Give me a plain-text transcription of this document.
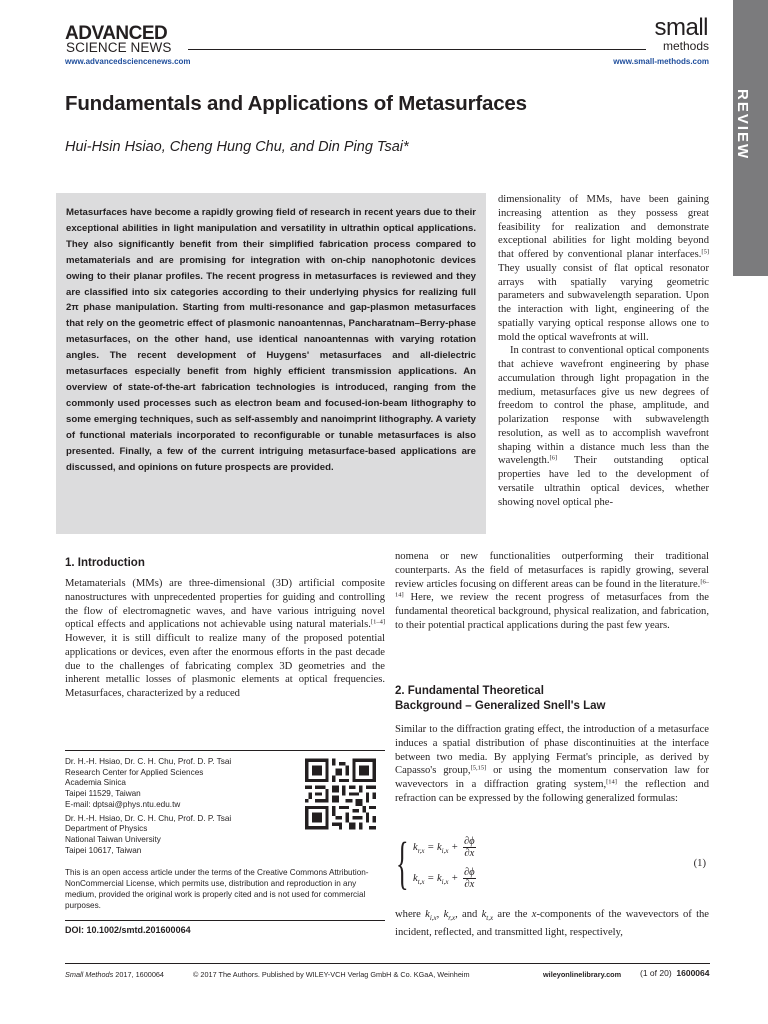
ADVANCED
SCIENCE NEWS
small
methods
www.advancedsciencenews.com	www.small-methods.com
REVIEW
Fundamentals and Applications of Metasurfaces
Hui-Hsin Hsiao, Cheng Hung Chu, and Din Ping Tsai*
Metasurfaces have become a rapidly growing field of research in recent years due to their exceptional abilities in light manipulation and versatility in ultrathin optical applications. They also significantly benefit from their simplified fabrication process compared to metamaterials and are promising for integration with on-chip nanophotonic devices owing to their planar profiles. The recent progress in metasurfaces is reviewed and they are classified into six categories according to their underlying physics for realizing full 2π phase manipulation. Starting from multi-resonance and gap-plasmon metasurfaces that rely on the geometric effect of plasmonic nanoantennas, Pancharatnam–Berry-phase metasurfaces, on the other hand, use identical nanoantennas with varying rotation angles. The recent development of Huygens' metasurfaces and all-dielectric metasurfaces especially benefit from highly efficient transmission applications. An overview of state-of-the-art fabrication technologies is introduced, ranging from the commonly used processes such as electron beam and focused-ion-beam lithography to some emerging techniques, such as self-assembly and nanoimprint lithography. A variety of functional materials incorporated to reconfigurable or tunable metasurfaces is also presented. Finally, a few of the current intriguing metasurface-based applications are discussed, and opinions on future prospects are provided.

dimensionality of MMs, have been gaining increasing attention as they possess great feasibility for realization and demonstrate exceptional abilities for light molding beyond that offered by conventional planar interfaces.[5] They usually consist of flat optical resonator arrays with spatially varying geometric parameters and subwavelength separation. Upon the interaction with light, engineering of the spatially varying optical response allows one to mold the optical wavefronts at will.

In contrast to conventional optical components that achieve wavefront engineering by phase accumulation through light propagation in the medium, metasurfaces give us new degrees of freedom to control the phase, amplitude, and polarization response with subwavelength resolution, as well as to accomplish wavefront shaping within a distance much less than the wavelength.[6] Their outstanding optical properties have led to the development of versatile ultrathin optical devices, whether showing novel optical phe-

nomena or new functionalities outperforming their traditional counterparts. As the field of metasurfaces is rapidly growing, several review articles focusing on different areas can be found in the literature.[6–14] Here, we review the recent progress of metasurfaces from the fundamental theoretical background, physical realization, and fabrication, to their potential practical applications during the past few years.

1. Introduction
Metamaterials (MMs) are three-dimensional (3D) artificial composite nanostructures with unprecedented properties for guiding and controlling the flow of electromagnetic waves, and have various intriguing novel optical effects and applications not achievable using natural materials.[1–4] However, it is still difficult to realize many of the proposed potential applications or devices, even after the enormous efforts in the past decade due to the challenges of fabricating complex 3D geometries and the inherent metallic losses of plasmonic elements at optical frequencies. Metasurfaces, characterized by a reduced	2. Fundamental Theoretical
Background – Generalized Snell's Law
Similar to the diffraction grating effect, the introduction of a metasurface induces a spatial distribution of phase discontinuities at the interface between two media. By applying Fermat's principle, as derived by Capasso's group,[5,15] or using the momentum conservation law for wavevectors in a diffraction grating system,[14] the reflection and refraction can be expressed by the following generalized formulas:
{ $k_{r,x} = k_{i,x} + \frac{\partial\phi}{\partial x}$
$k_{t,x} = k_{i,x} + \frac{\partial\phi}{\partial x}$
(1)
where $k_{i,x}$, $k_{r,x}$, and $k_{t,x}$ are the x-components of the wavevectors of the incident, reflected, and transmitted light, respectively,
Dr. H.-H. Hsiao, Dr. C. H. Chu, Prof. D. P. Tsai
Research Center for Applied Sciences
Academia Sinica
Taipei 11529, Taiwan
E-mail: dptsai@phys.ntu.edu.tw
Dr. H.-H. Hsiao, Dr. C. H. Chu, Prof. D. P. Tsai
Department of Physics
National Taiwan University
Taipei 10617, Taiwan
This is an open access article under the terms of the Creative Commons Attribution-NonCommercial License, which permits use, distribution and reproduction in any medium, provided the original work is properly cited and is not used for commercial purposes.
DOI: 10.1002/smtd.201600064
Small Methods 2017, 1600064	© 2017 The Authors. Published by WILEY-VCH Verlag GmbH & Co. KGaA, Weinheim	wileyonlinelibrary.com (1 of 20) 1600064
